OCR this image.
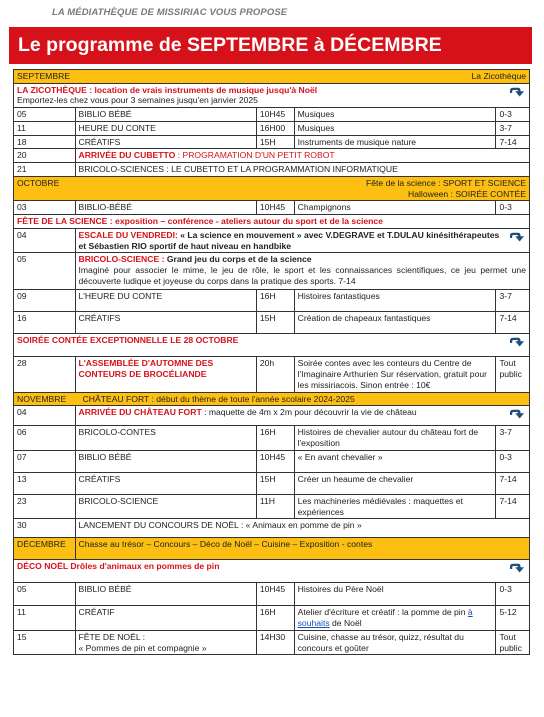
LA MÉDIATHÈQUE DE MISSIRIAC VOUS PROPOSE
Le programme de SEPTEMBRE à DÉCEMBRE
SEPTEMBRE La Zicothèque				

LA ZICOTHÈQUE : location de vrais instruments de musique jusqu'à Noël
Emportez-les chez vous pour 3 semaines jusqu'en janvier 2025				

05	BIBLIO BÉBÉ	10H45	Musiques	0-3
11	HEURE DU CONTE	16H00	Musiques	3-7
18	CRÉATIFS	15H	Instruments de musique nature	7-14
20	ARRIVÉE DU CUBETTO : PROGRAMATION D'UN PETIT ROBOT			
21	BRICOLO-SCIENCES : LE CUBETTO ET LA PROGRAMMATION INFORMATIQUE			

OCTOBRE Fête de la science : SPORT ET SCIENCE
Halloween : SOIRÉE CONTÉE				

03	BIBLIO-BÉBÉ	10H45	Champignons	0-3
FÊTE DE LA SCIENCE : exposition – conférence - ateliers autour du sport et de la science				
04	ESCALE DU VENDREDI: « La science en mouvement » avec V.DEGRAVE et T.DULAU kinésithérapeutes et Sébastien RIO sportif de haut niveau en handbike			
05	BRICOLO-SCIENCE : Grand jeu du corps et de la science
Imaginé pour associer le mime, le jeu de rôle, le sport et les connaissances scientifiques, ce jeu permet une découverte ludique et joyeuse du corps dans la pratique des sports. 7-14			

09	L'HEURE DU CONTE	16H	Histoires fantastiques	3-7
16	CRÉATIFS	15H	Création de chapeaux fantastiques	7-14

SOIRÉE CONTÉE EXCEPTIONNELLE LE 28 OCTOBRE				
28	L'ASSEMBLÉE D'AUTOMNE DES CONTEURS DE BROCÉLIANDE	20h	Soirée contes avec les conteurs du Centre de l'Imaginaire Arthurien Sur réservation, gratuit pour les missiriacois. Sinon entrée : 10€	Tout public
NOVEMBRE CHÂTEAU FORT : début du thème de toute l'année scolaire 2024-2025				
04	ARRIVÉE DU CHÂTEAU FORT : maquette de 4m x 2m pour découvrir la vie de château			
06	BRICOLO-CONTES	16H	Histoires de chevalier autour du château fort de l'exposition	3-7
07	BIBLIO BÉBÉ	10H45	« En avant chevalier »	0-3
13	CRÉATIFS	15H	Créer un heaume de chevalier	7-14
23	BRICOLO-SCIENCE	11H	Les machineries médiévales : maquettes et expériences	7-14
30	LANCEMENT DU CONCOURS DE NOËL : « Animaux en pomme de pin »			
DÉCEMBRE	Chasse au trésor – Concours – Déco de Noël – Cuisine – Exposition - contes			

DÉCO NOËL Drôles d'animaux en pommes de pin				
05	BIBLIO BÉBÉ	10H45	Histoires du Père Noël	0-3
11	CRÉATIF	16H	Atelier d'écriture et créatif : la pomme de pin à souhaits de Noël	5-12
15	FÊTE DE NOËL :
« Pommes de pin et compagnie »	14H30	Cuisine, chasse au trésor, quizz, résultat du concours et goûter	Tout public
